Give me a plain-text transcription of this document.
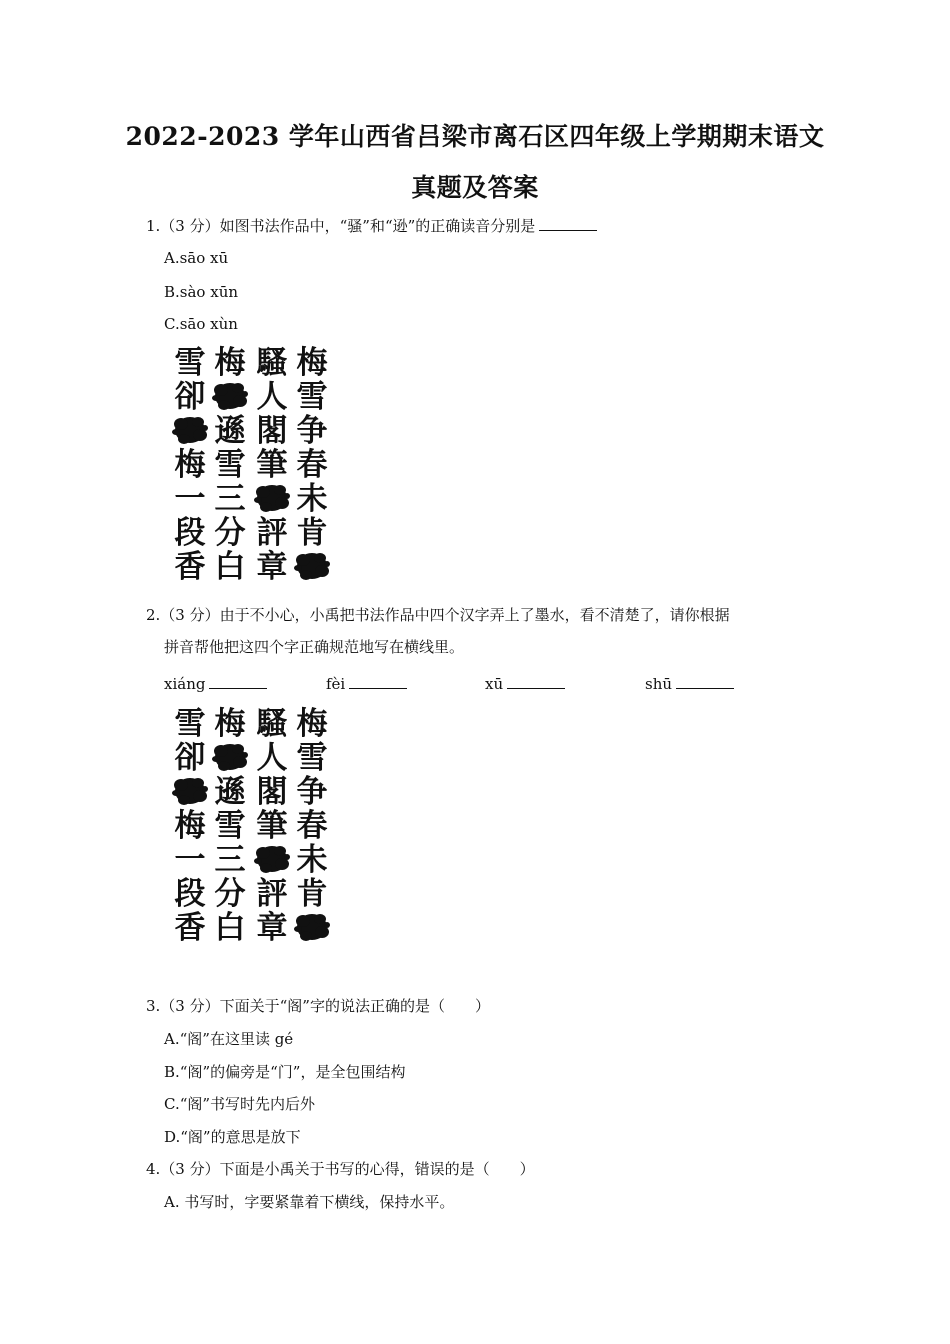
2022-2023 学年山西省吕梁市离石区四年级上学期期末语文
真题及答案
1.（3 分）如图书法作品中，“骚”和“逊”的正确读音分别是
A.sāo xū
B.sào xūn
C.sāo xùn
梅
雪
争
春
未
肯
騷
人
閣
筆
評
章
梅
遜
雪
三
分
白
雪
卻
梅
一
段
香
2.（3 分）由于不小心，小禹把书法作品中四个汉字弄上了墨水，看不清楚了，请你根据
拼音帮他把这四个字正确规范地写在横线里。
xiáng	fèi	xū	shū
梅
雪
争
春
未
肯
騷
人
閣
筆
評
章
梅
遜
雪
三
分
白
雪
卻
梅
一
段
香
3.（3 分）下面关于“阁”字的说法正确的是（　　）
A.“阁”在这里读 gé
B.“阁”的偏旁是“门”，是全包围结构
C.“阁”书写时先内后外
D.“阁”的意思是放下
4.（3 分）下面是小禹关于书写的心得，错误的是（　　）
A. 书写时，字要紧靠着下横线，保持水平。
